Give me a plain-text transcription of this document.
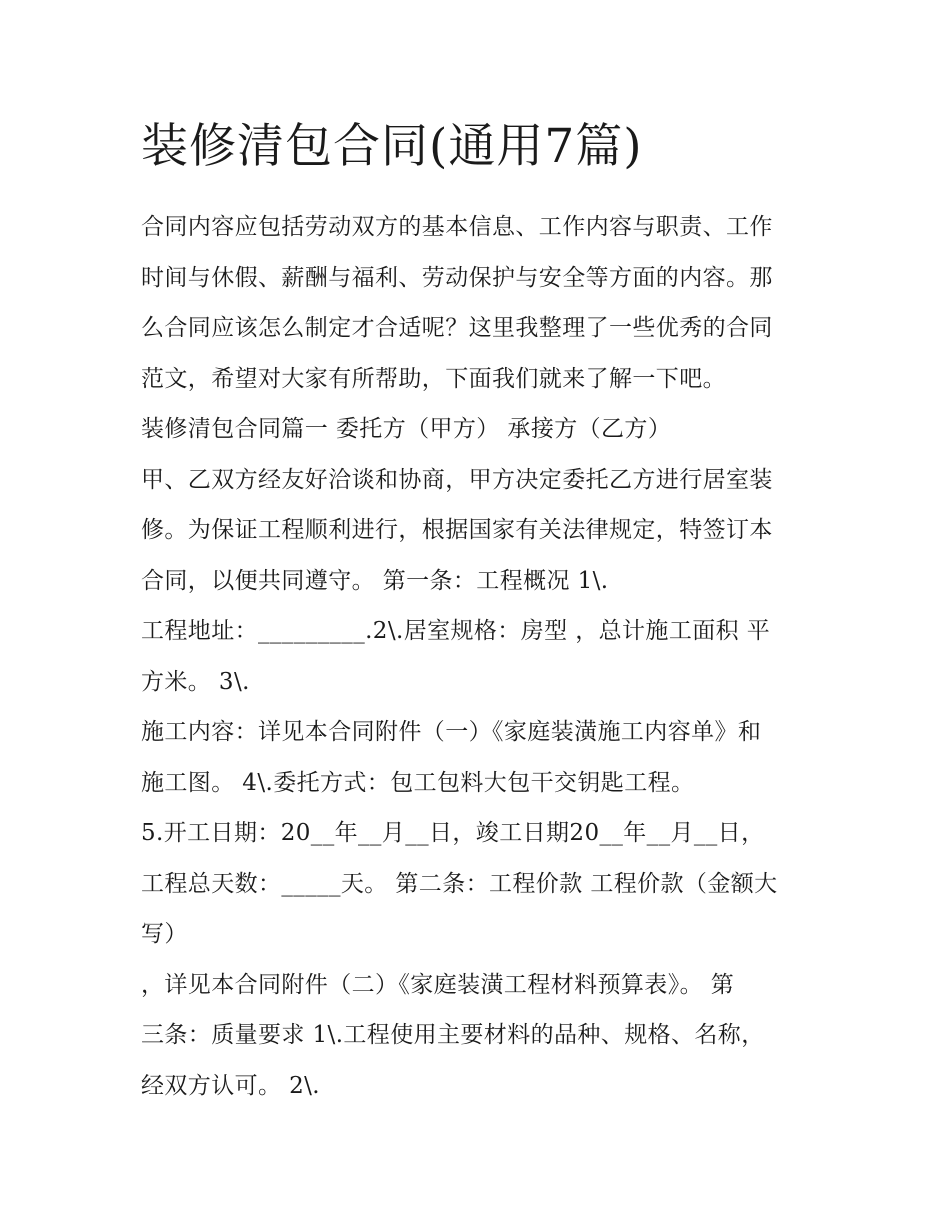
装修清包合同(通用7篇)
合同内容应包括劳动双方的基本信息、工作内容与职责、工作
时间与休假、薪酬与福利、劳动保护与安全等方面的内容。那
么合同应该怎么制定才合适呢？这里我整理了一些优秀的合同
范文，希望对大家有所帮助，下面我们就来了解一下吧。
装修清包合同篇一 委托方（甲方） 承接方（乙方）
甲、乙双方经友好洽谈和协商，甲方决定委托乙方进行居室装
修。为保证工程顺利进行，根据国家有关法律规定，特签订本
合同，以便共同遵守。 第一条：工程概况 1\.
工程地址：_________.2\.居室规格：房型 ，总计施工面积 平
方米。 3\.
施工内容：详见本合同附件（一）《家庭装潢施工内容单》和
施工图。 4\.委托方式：包工包料大包干交钥匙工程。
5.开工日期：20__年__月__日，竣工日期20__年__月__日，
工程总天数：_____天。 第二条：工程价款 工程价款（金额大
写）
，详见本合同附件（二）《家庭装潢工程材料预算表》。 第
三条：质量要求 1\.工程使用主要材料的品种、规格、名称，
经双方认可。 2\.
